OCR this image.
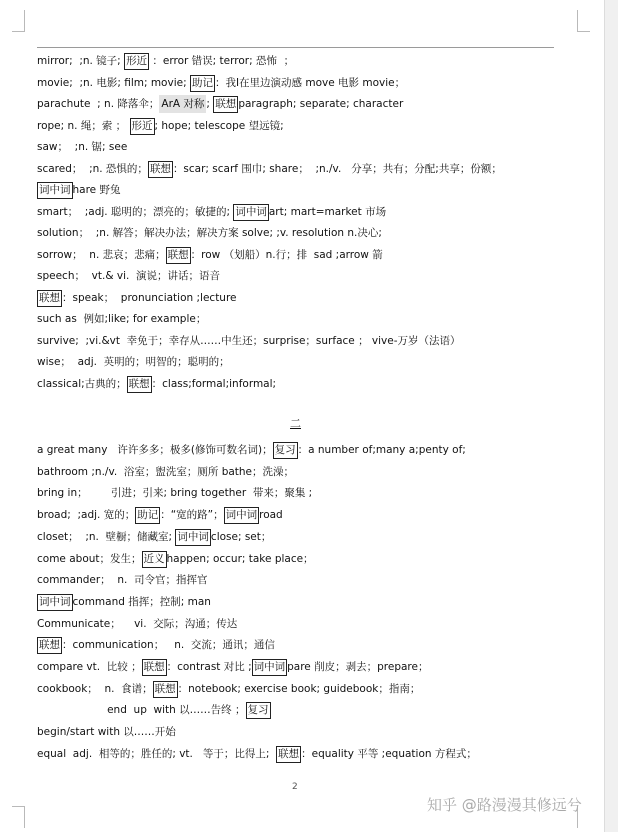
mirror;  ;n. 镜子; 形近 ：error 错误; terror; 恐怖  ；
movie;  ;n. 电影; film; movie; 助记 ：我I在里边演动感 move 电影 movie；
parachute  ; n. 降落伞； ArA 对称 ; 联想 paragraph; separate; character
rope; n. 绳；索 ； 形近 ; hope; telescope 望远镜;
saw；  ;n. 锯; see
scared；  ;n. 恐惧的； 联想 ：scar; scarf 围巾; share；  ;n./v.   分享；共有；分配;共享；份额；
词中词 hare 野兔
smart；  ;adj. 聪明的；漂亮的；敏捷的; 词中词 art; mart=market 市场
solution；  ;n. 解答；解决办法；解决方案 solve; ;v. resolution n.决心;
sorrow；  n. 悲哀；悲痛； 联想 ：row （划船）n.行；排  sad ;arrow 箭
speech；  vt.& vi.  演说；讲话；语音
联想 ：speak；  pronunciation ;lecture
such as  例如;like; for example；
survive;  ;vi.&vt  幸免于；幸存从……中生还；surprise；surface ； vive-万岁（法语）
wise；  adj.  英明的；明智的；聪明的；
classical;古典的； 联想 ：class;formal;informal;
二
a great many   许许多多；极多(修饰可数名词)； 复习 ：a number of;many a;penty of;
bathroom ;n./v.  浴室；盥洗室；厕所 bathe；洗澡；
bring in；       引进；引来; bring together  带来；聚集 ;
broad;  ;adj. 宽的； 助记 ：“宽的路”； 词中词 road
closet；  ;n.  壁橱；储藏室; 词中词 close; set；
come about；发生； 近义 happen; occur; take place；
commander；  n.  司令官；指挥官
词中词 command 指挥；控制; man
Communicate；    vi.  交际；沟通；传达
联想 ：communication；   n.  交流；通讯；通信
compare vt.  比较 ； 联想 ：contrast 对比 ; 词中词 pare 削皮；剥去；prepare；
cookbook；  n.  食谱； 联想 ：notebook; exercise book; guidebook；指南；
end  up  with 以……告终 ； 复习
begin/start with 以……开始
equal  adj.  相等的；胜任的; vt.   等于；比得上;  联想 ：equality 平等 ;equation 方程式；
2
知乎 @路漫漫其修远兮
